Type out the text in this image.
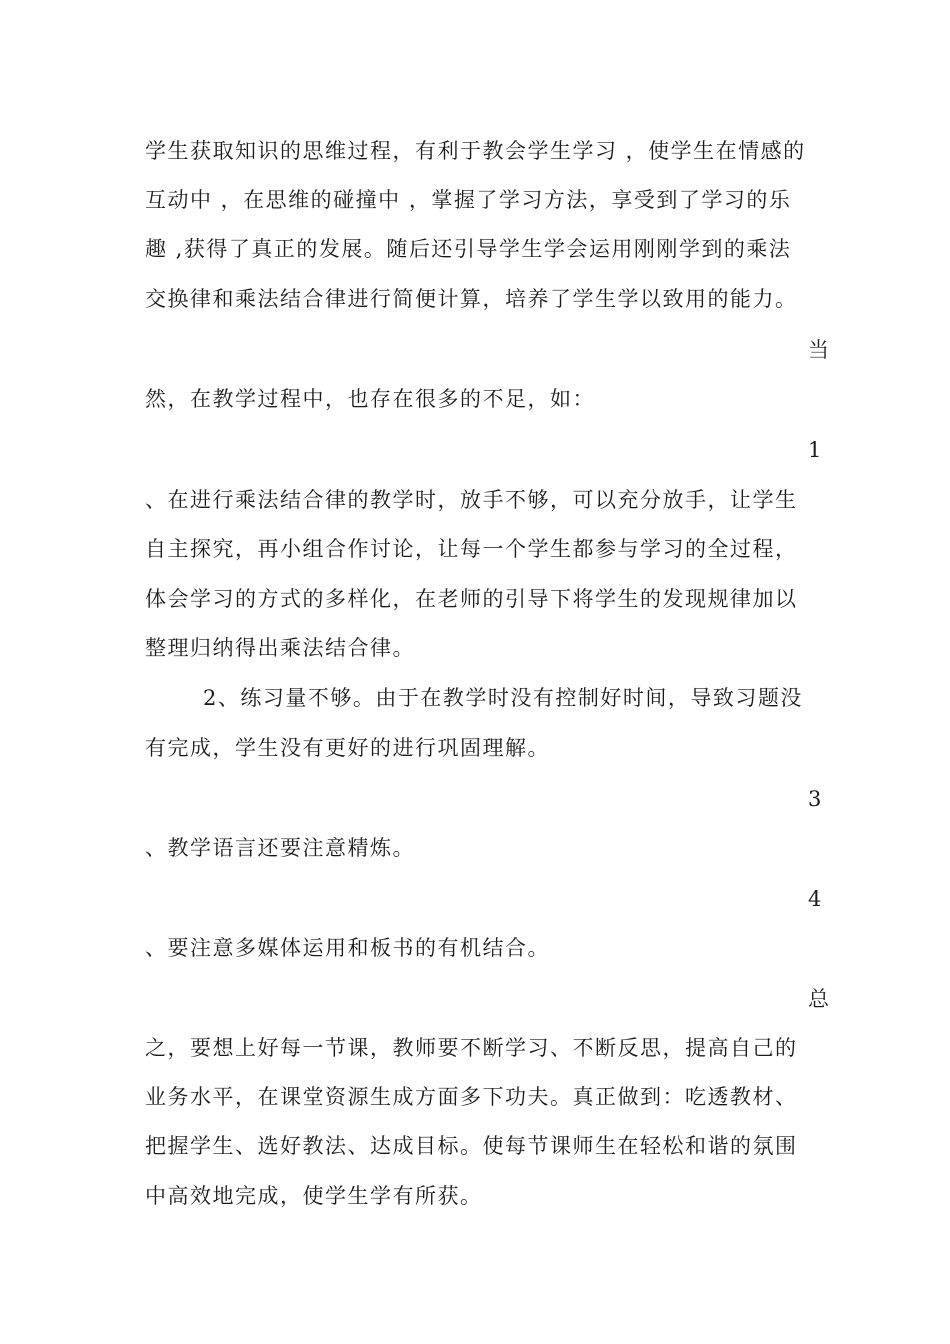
学生获取知识的思维过程，有利于教会学生学习 ，使学生在情感的
互动中 ，在思维的碰撞中 ，掌握了学习方法，享受到了学习的乐
趣 ,获得了真正的发展。随后还引导学生学会运用刚刚学到的乘法
交换律和乘法结合律进行简便计算，培养了学生学以致用的能力。
当
然，在教学过程中，也存在很多的不足，如：
1
、在进行乘法结合律的教学时，放手不够，可以充分放手，让学生
自主探究，再小组合作讨论，让每一个学生都参与学习的全过程，
体会学习的方式的多样化，在老师的引导下将学生的发现规律加以
整理归纳得出乘法结合律。
2、练习量不够。由于在教学时没有控制好时间，导致习题没
有完成，学生没有更好的进行巩固理解。
3
、教学语言还要注意精炼。
4
、要注意多媒体运用和板书的有机结合。
总
之，要想上好每一节课，教师要不断学习、不断反思，提高自己的
业务水平，在课堂资源生成方面多下功夫。真正做到：吃透教材、
把握学生、选好教法、达成目标。使每节课师生在轻松和谐的氛围
中高效地完成，使学生学有所获。
